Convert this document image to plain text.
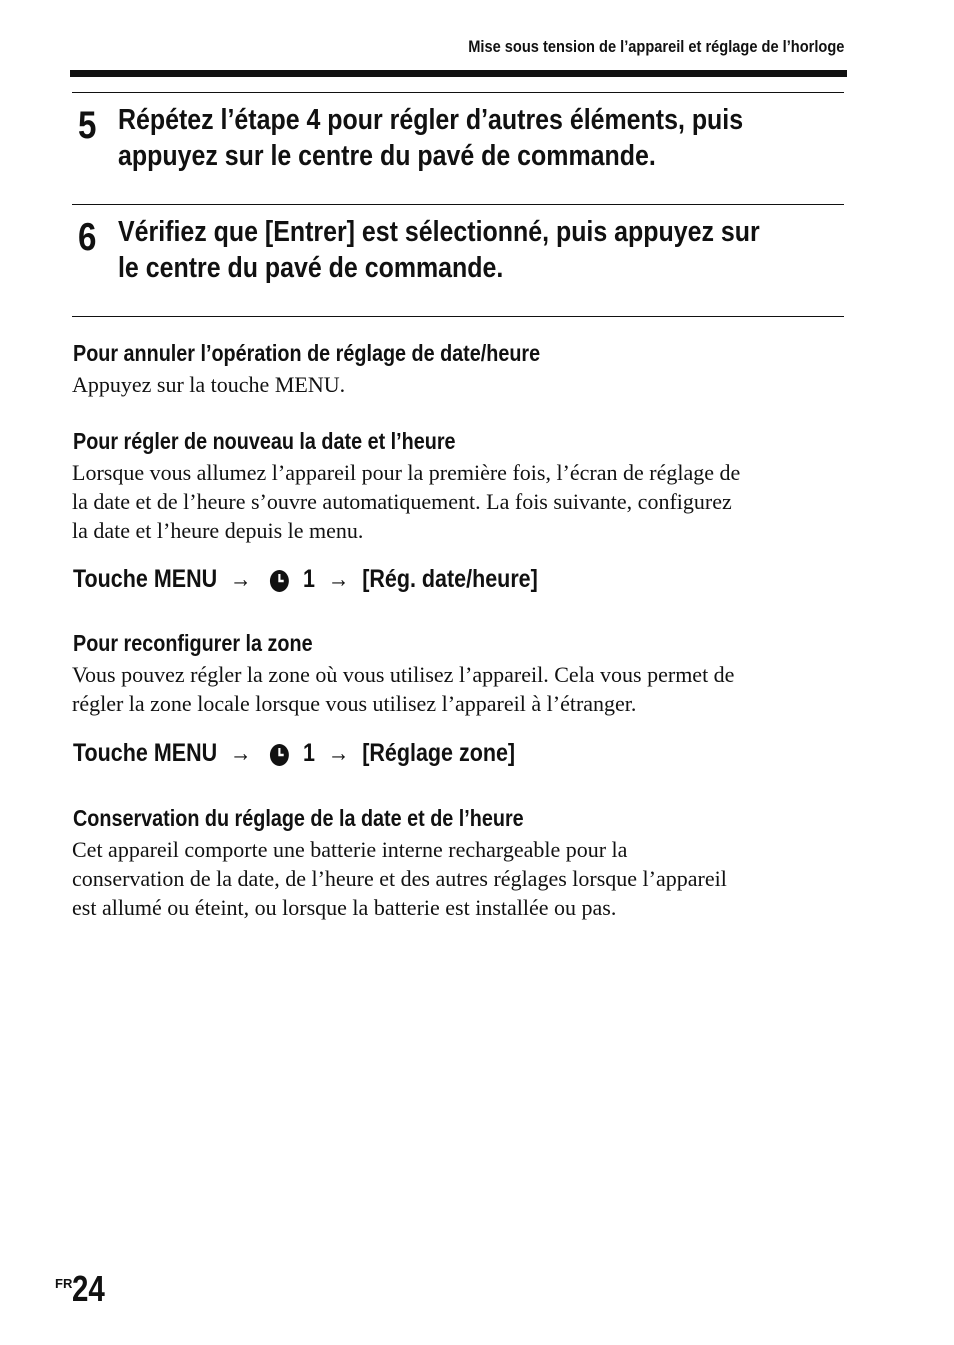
Mise sous tension de l’appareil et réglage de l’horloge
5 Répétez l’étape 4 pour régler d’autres éléments, puis
appuyez sur le centre du pavé de commande.
6 Vérifiez que [Entrer] est sélectionné, puis appuyez sur
le centre du pavé de commande.
Pour annuler l’opération de réglage de date/heure
Appuyez sur la touche MENU.
Pour régler de nouveau la date et l’heure
Lorsque vous allumez l’appareil pour la première fois, l’écran de réglage de
la date et de l’heure s’ouvre automatiquement. La fois suivante, configurez
la date et l’heure depuis le menu.
Touche MENU → 1 → [Rég. date/heure]
Pour reconfigurer la zone
Vous pouvez régler la zone où vous utilisez l’appareil. Cela vous permet de
régler la zone locale lorsque vous utilisez l’appareil à l’étranger.
Touche MENU → 1 → [Réglage zone]
Conservation du réglage de la date et de l’heure
Cet appareil comporte une batterie interne rechargeable pour la
conservation de la date, de l’heure et des autres réglages lorsque l’appareil
est allumé ou éteint, ou lorsque la batterie est installée ou pas.
$^{FR}$24
